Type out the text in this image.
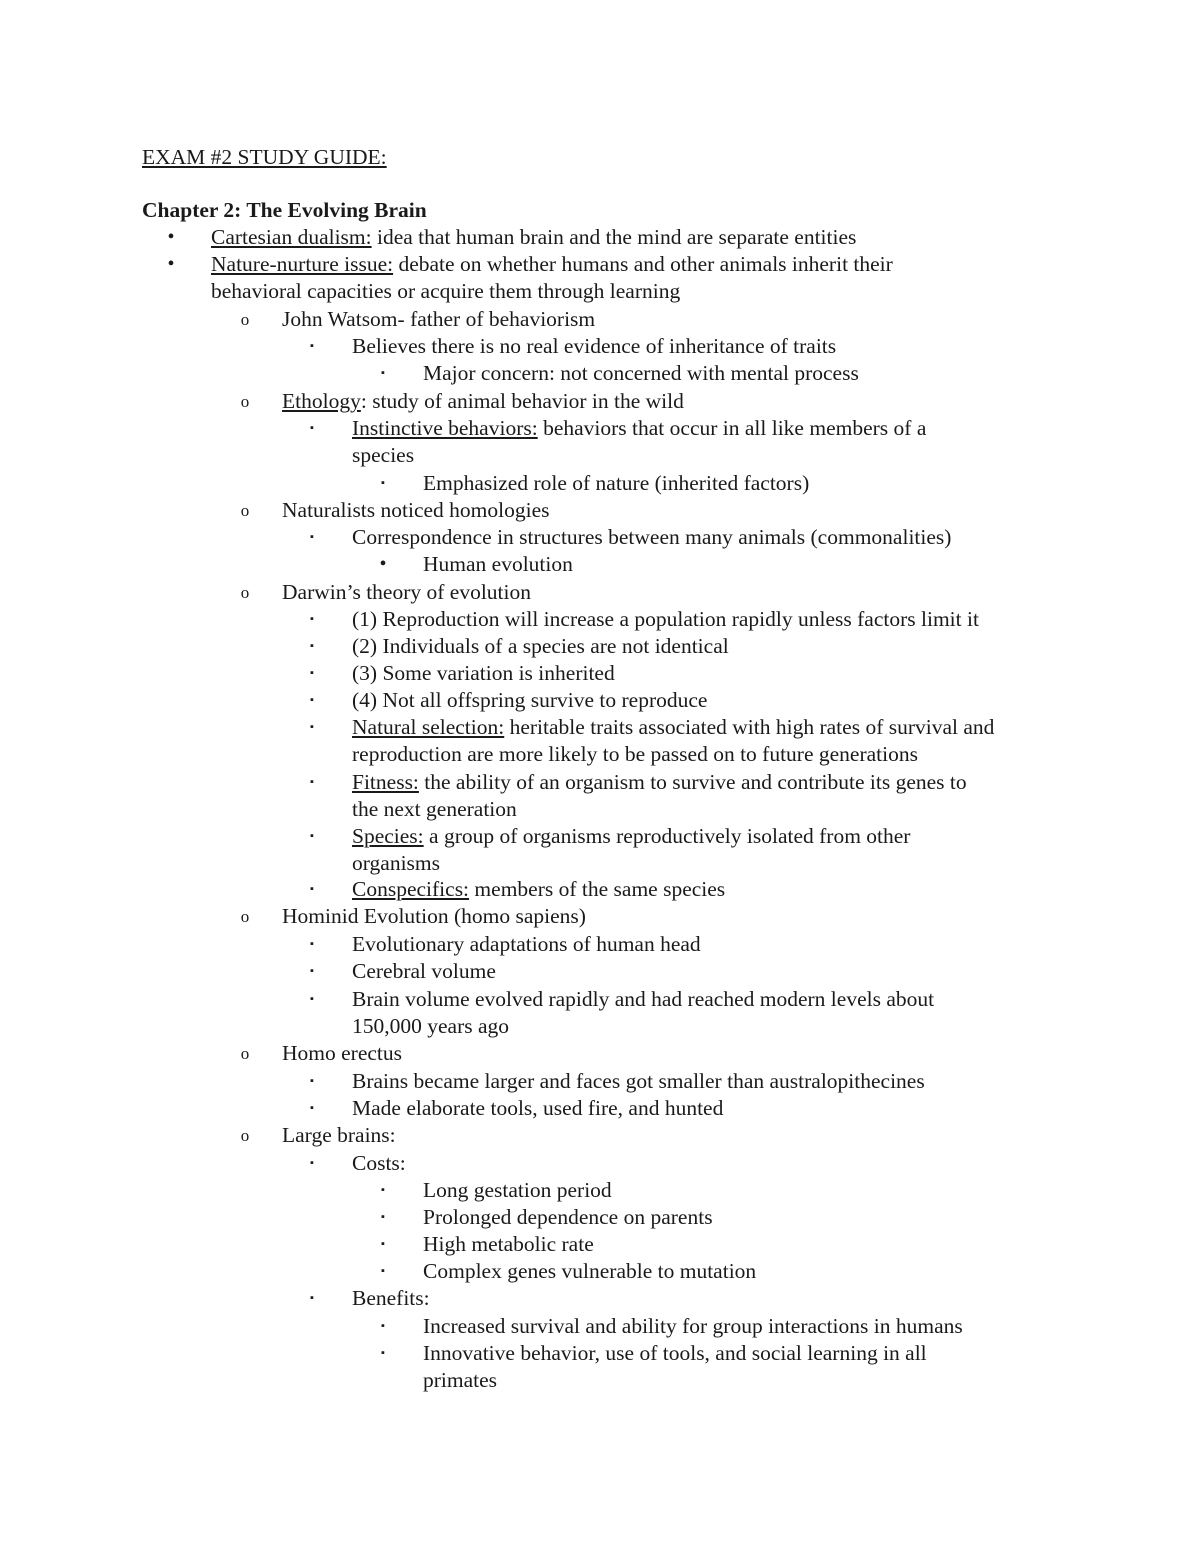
EXAM #2 STUDY GUIDE:
Chapter 2: The Evolving Brain
•	Cartesian dualism: idea that human brain and the mind are separate entities
•	Nature-nurture issue: debate on whether humans and other animals inherit their
behavioral capacities or acquire them through learning
o John Watsom- father of behaviorism
▪	Believes there is no real evidence of inheritance of traits
▪	Major concern: not concerned with mental process
o Ethology: study of animal behavior in the wild
▪	Instinctive behaviors: behaviors that occur in all like members of a
species
▪	Emphasized role of nature (inherited factors)
o Naturalists noticed homologies
▪	Correspondence in structures between many animals (commonalities)
•	Human evolution
o Darwin’s theory of evolution
▪	(1) Reproduction will increase a population rapidly unless factors limit it
▪	(2) Individuals of a species are not identical
▪	(3) Some variation is inherited
▪	(4) Not all offspring survive to reproduce
▪	Natural selection: heritable traits associated with high rates of survival and
reproduction are more likely to be passed on to future generations
▪	Fitness: the ability of an organism to survive and contribute its genes to
the next generation
▪	Species: a group of organisms reproductively isolated from other
organisms
▪	Conspecifics: members of the same species
o Hominid Evolution (homo sapiens)
▪	Evolutionary adaptations of human head
▪	Cerebral volume
▪	Brain volume evolved rapidly and had reached modern levels about
150,000 years ago
o Homo erectus
▪	Brains became larger and faces got smaller than australopithecines
▪	Made elaborate tools, used fire, and hunted
o Large brains:
▪	Costs:
▪	Long gestation period
▪	Prolonged dependence on parents
▪	High metabolic rate
▪	Complex genes vulnerable to mutation
▪	Benefits:
▪	Increased survival and ability for group interactions in humans
▪	Innovative behavior, use of tools, and social learning in all
primates
